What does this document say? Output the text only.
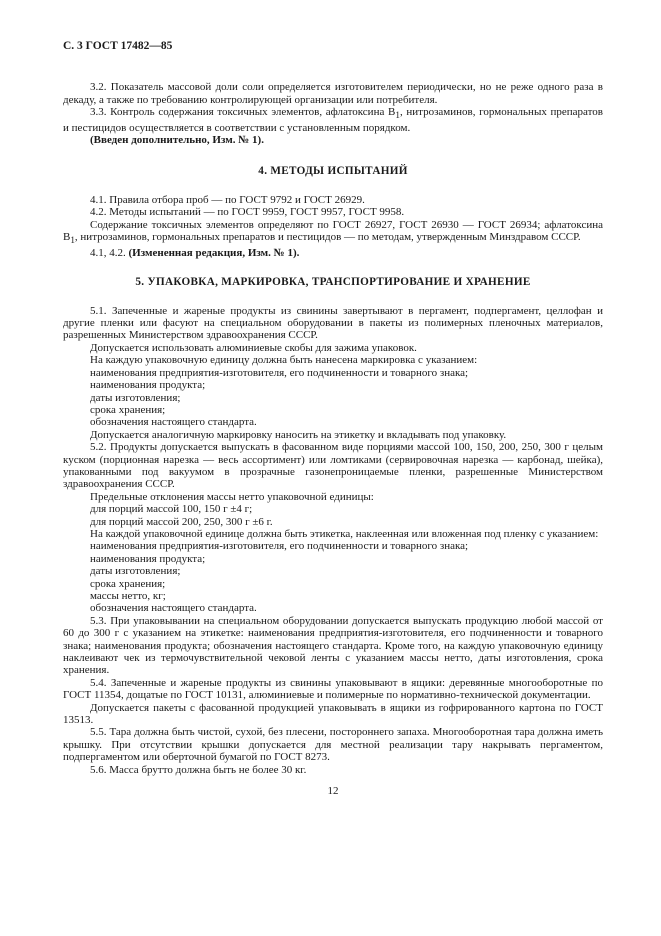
С. 3 ГОСТ 17482—85

3.2. Показатель массовой доли соли определяется изготовителем периодически, но не реже одного раза в декаду, а также по требованию контролирующей организации или потребителя.

3.3. Контроль содержания токсичных элементов, афлатоксина $B_1$, нитрозаминов, гормональных препаратов и пестицидов осуществляется в соответствии с установленным порядком.

(Введен дополнительно, Изм. № 1).

4. МЕТОДЫ ИСПЫТАНИЙ

4.1. Правила отбора проб — по ГОСТ 9792 и ГОСТ 26929.

4.2. Методы испытаний — по ГОСТ 9959, ГОСТ 9957, ГОСТ 9958.

Содержание токсичных элементов определяют по ГОСТ 26927, ГОСТ 26930 — ГОСТ 26934; афлатоксина $B_1$, нитрозаминов, гормональных препаратов и пестицидов — по методам, утвержденным Минздравом СССР.

4.1, 4.2. (Измененная редакция, Изм. № 1).

5. УПАКОВКА, МАРКИРОВКА, ТРАНСПОРТИРОВАНИЕ И ХРАНЕНИЕ

5.1. Запеченные и жареные продукты из свинины завертывают в пергамент, подпергамент, целлофан и другие пленки или фасуют на специальном оборудовании в пакеты из полимерных пленочных материалов, разрешенных Министерством здравоохранения СССР.

Допускается использовать алюминиевые скобы для зажима упаковок.

На каждую упаковочную единицу должна быть нанесена маркировка с указанием:

наименования предприятия-изготовителя, его подчиненности и товарного знака;

наименования продукта;

даты изготовления;

срока хранения;

обозначения настоящего стандарта.

Допускается аналогичную маркировку наносить на этикетку и вкладывать под упаковку.

5.2. Продукты допускается выпускать в фасованном виде порциями массой 100, 150, 200, 250, 300 г целым куском (порционная нарезка — весь ассортимент) или ломтиками (сервировочная нарезка — карбонад, шейка), упакованными под вакуумом в прозрачные газонепроницаемые пленки, разрешенные Министерством здравоохранения СССР.

Предельные отклонения массы нетто упаковочной единицы:

для порций массой 100, 150 г ±4 г;

для порций массой 200, 250, 300 г ±6 г.

На каждой упаковочной единице должна быть этикетка, наклеенная или вложенная под пленку с указанием:

наименования предприятия-изготовителя, его подчиненности и товарного знака;

наименования продукта;

даты изготовления;

срока хранения;

массы нетто, кг;

обозначения настоящего стандарта.

5.3. При упаковывании на специальном оборудовании допускается выпускать продукцию любой массой от 60 до 300 г с указанием на этикетке: наименования предприятия-изготовителя, его подчиненности и товарного знака; наименования продукта; обозначения настоящего стандарта. Кроме того, на каждую упаковочную единицу наклеивают чек из термочувствительной чековой ленты с указанием массы нетто, даты изготовления, срока хранения.

5.4. Запеченные и жареные продукты из свинины упаковывают в ящики: деревянные многооборотные по ГОСТ 11354, дощатые по ГОСТ 10131, алюминиевые и полимерные по нормативно-технической документации.

Допускается пакеты с фасованной продукцией упаковывать в ящики из гофрированного картона по ГОСТ 13513.

5.5. Тара должна быть чистой, сухой, без плесени, постороннего запаха. Многооборотная тара должна иметь крышку. При отсутствии крышки допускается для местной реализации тару накрывать пергаментом, подпергаментом или оберточной бумагой по ГОСТ 8273.

5.6. Масса брутто должна быть не более 30 кг.

12
